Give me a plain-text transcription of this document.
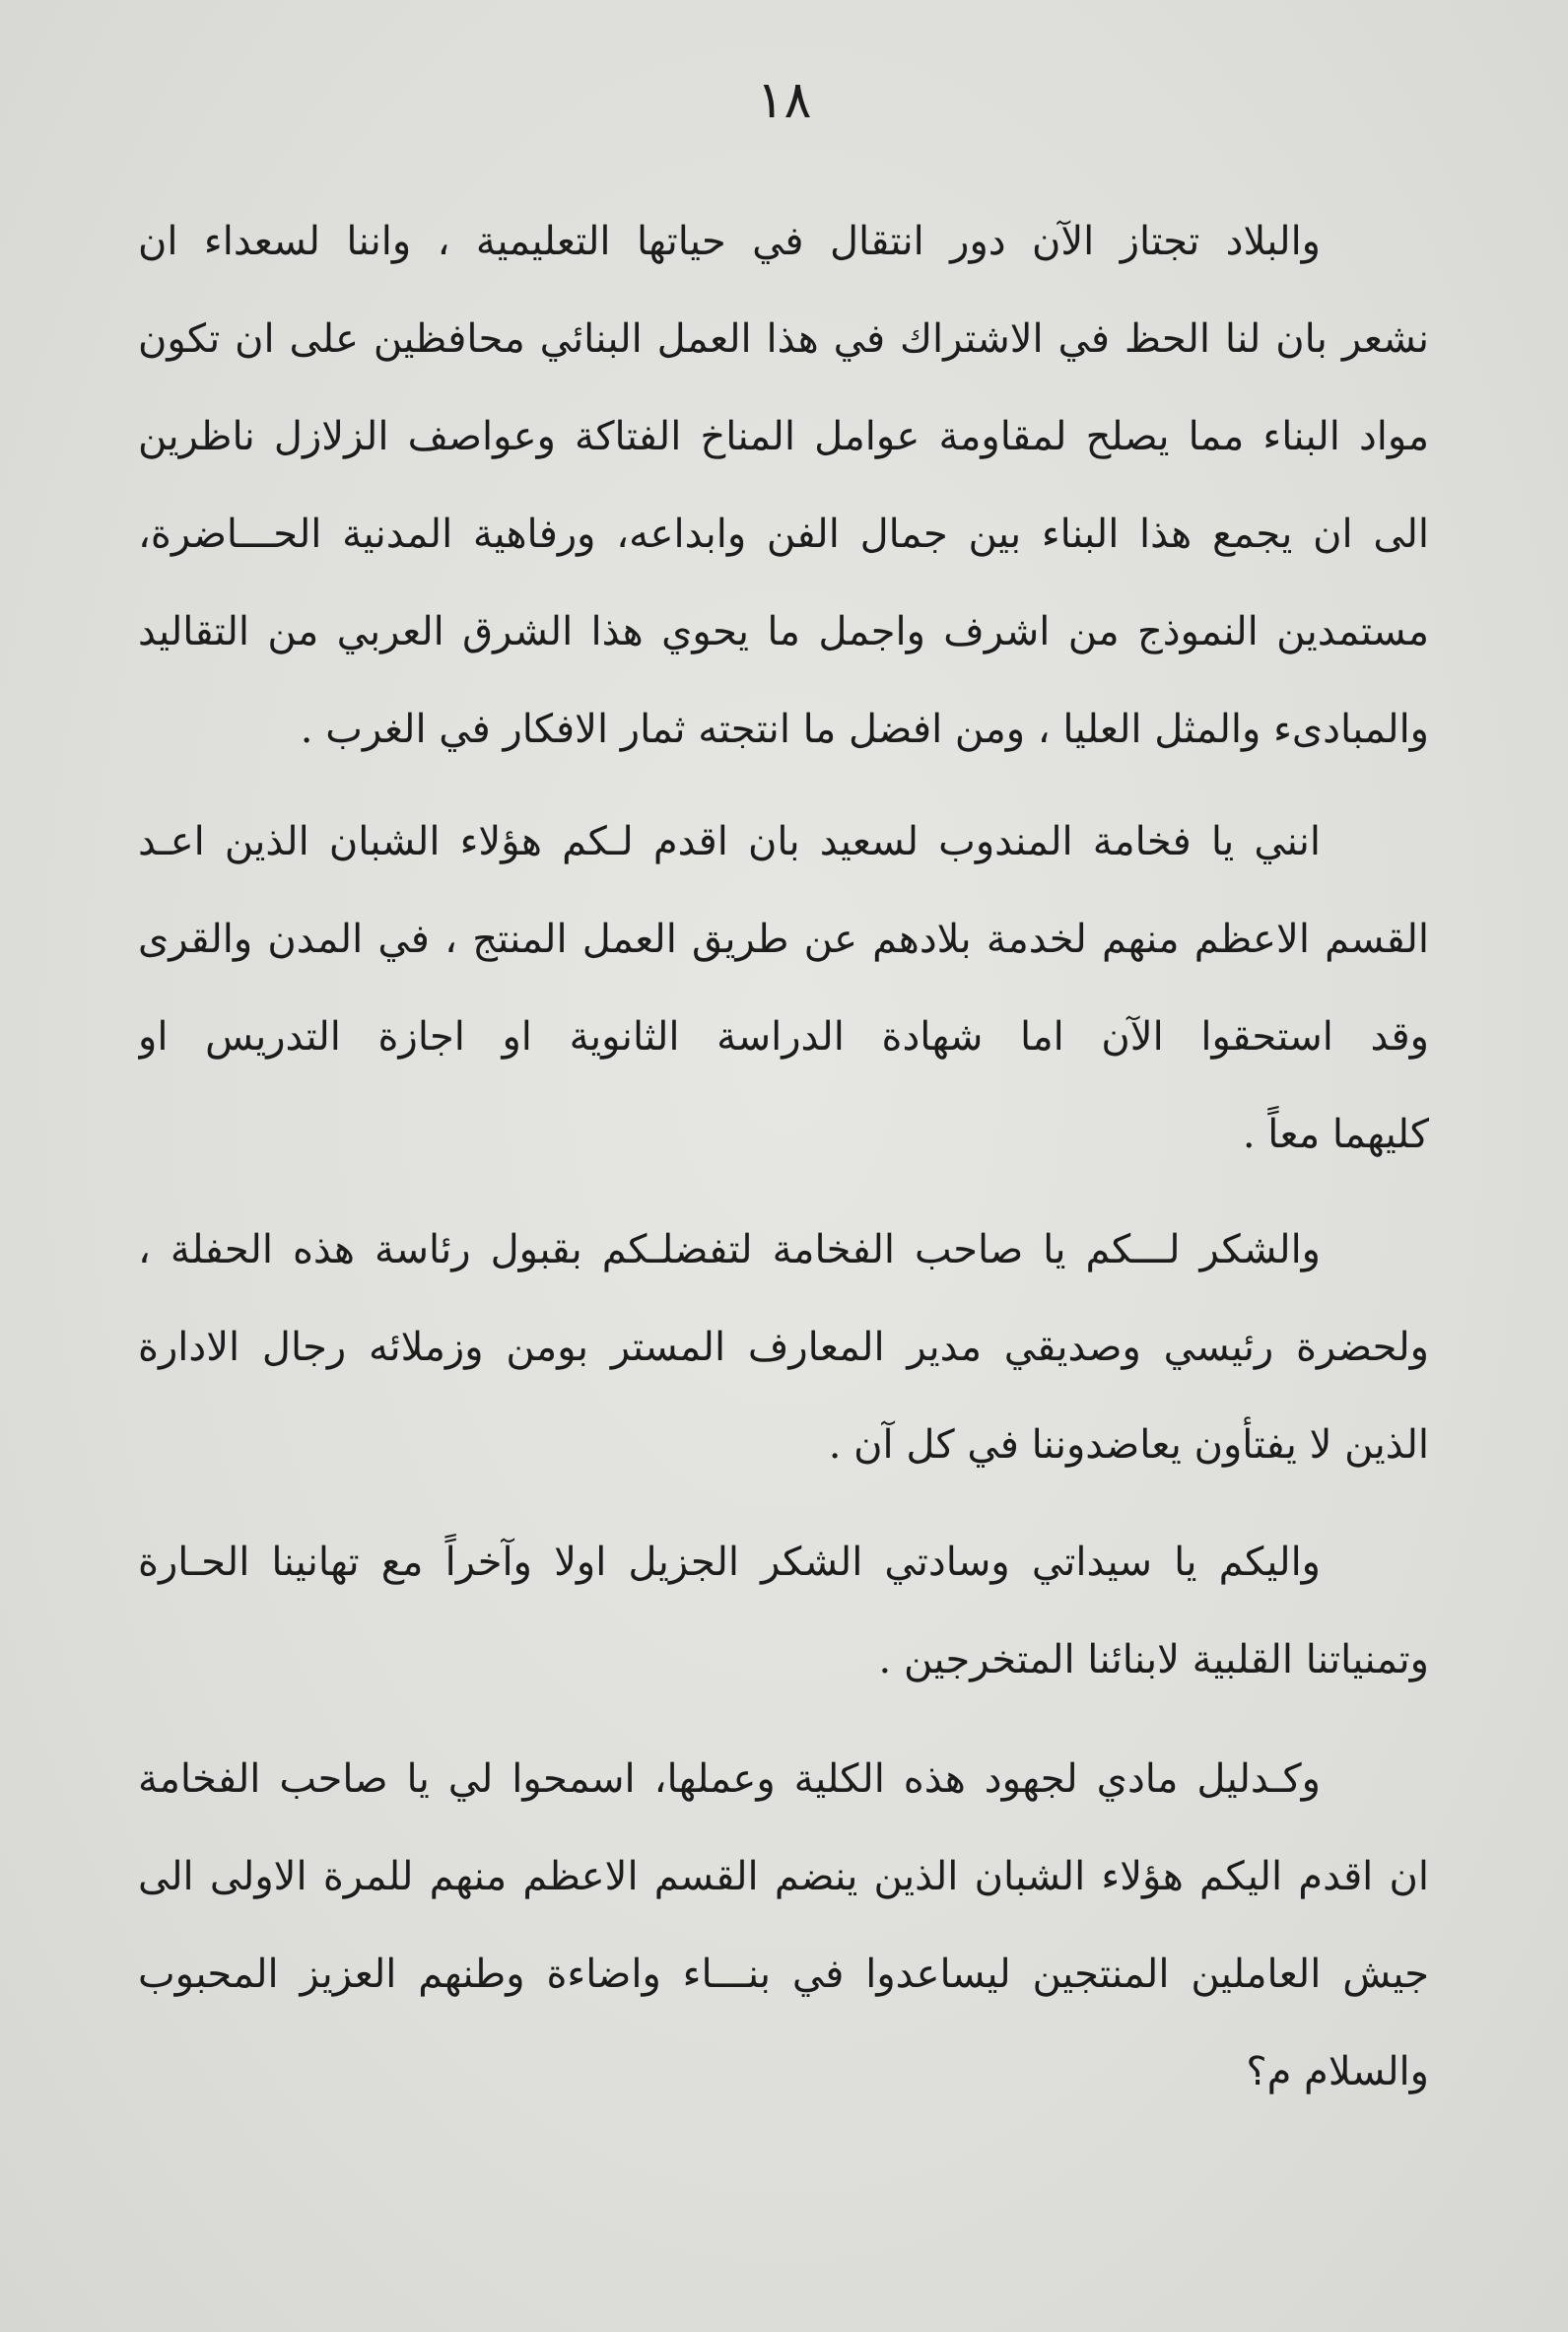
١٨
والبلاد تجتاز الآن دور انتقال في حياتها التعليمية ، واننا لسعداء ان
نشعر بان لنا الحظ في الاشتراك في هذا العمل البنائي محافظين على ان تكون
مواد البناء مما يصلح لمقاومة عوامل المناخ الفتاكة وعواصف الزلازل ناظرين
الى ان يجمع هذا البناء بين جمال الفن وابداعه، ورفاهية المدنية الحـــاضرة،
مستمدين النموذج من اشرف واجمل ما يحوي هذا الشرق العربي من التقاليد
والمبادىء والمثل العليا ، ومن افضل ما انتجته ثمار الافكار في الغرب .
انني يا فخامة المندوب لسعيد بان اقدم لـكم هؤلاء الشبان الذين اعـد
القسم الاعظم منهم لخدمة بلادهم عن طريق العمل المنتج ، في المدن والقرى
وقد استحقوا الآن اما شهادة الدراسة الثانوية او اجازة التدريس او
كليهما معاً .
والشكر لـــكم يا صاحب الفخامة لتفضلـكم بقبول رئاسة هذه الحفلة ،
ولحضرة رئيسي وصديقي مدير المعارف المستر بومن وزملائه رجال الادارة
الذين لا يفتأون يعاضدوننا في كل آن .
واليكم يا سيداتي وسادتي الشكر الجزيل اولا وآخراً مع تهانينا الحـارة
وتمنياتنا القلبية لابنائنا المتخرجين .
وكـدليل مادي لجهود هذه الكلية وعملها، اسمحوا لي يا صاحب الفخامة
ان اقدم اليكم هؤلاء الشبان الذين ينضم القسم الاعظم منهم للمرة الاولى الى
جيش العاملين المنتجين ليساعدوا في بنـــاء واضاءة وطنهم العزيز المحبوب
والسلام م؟
